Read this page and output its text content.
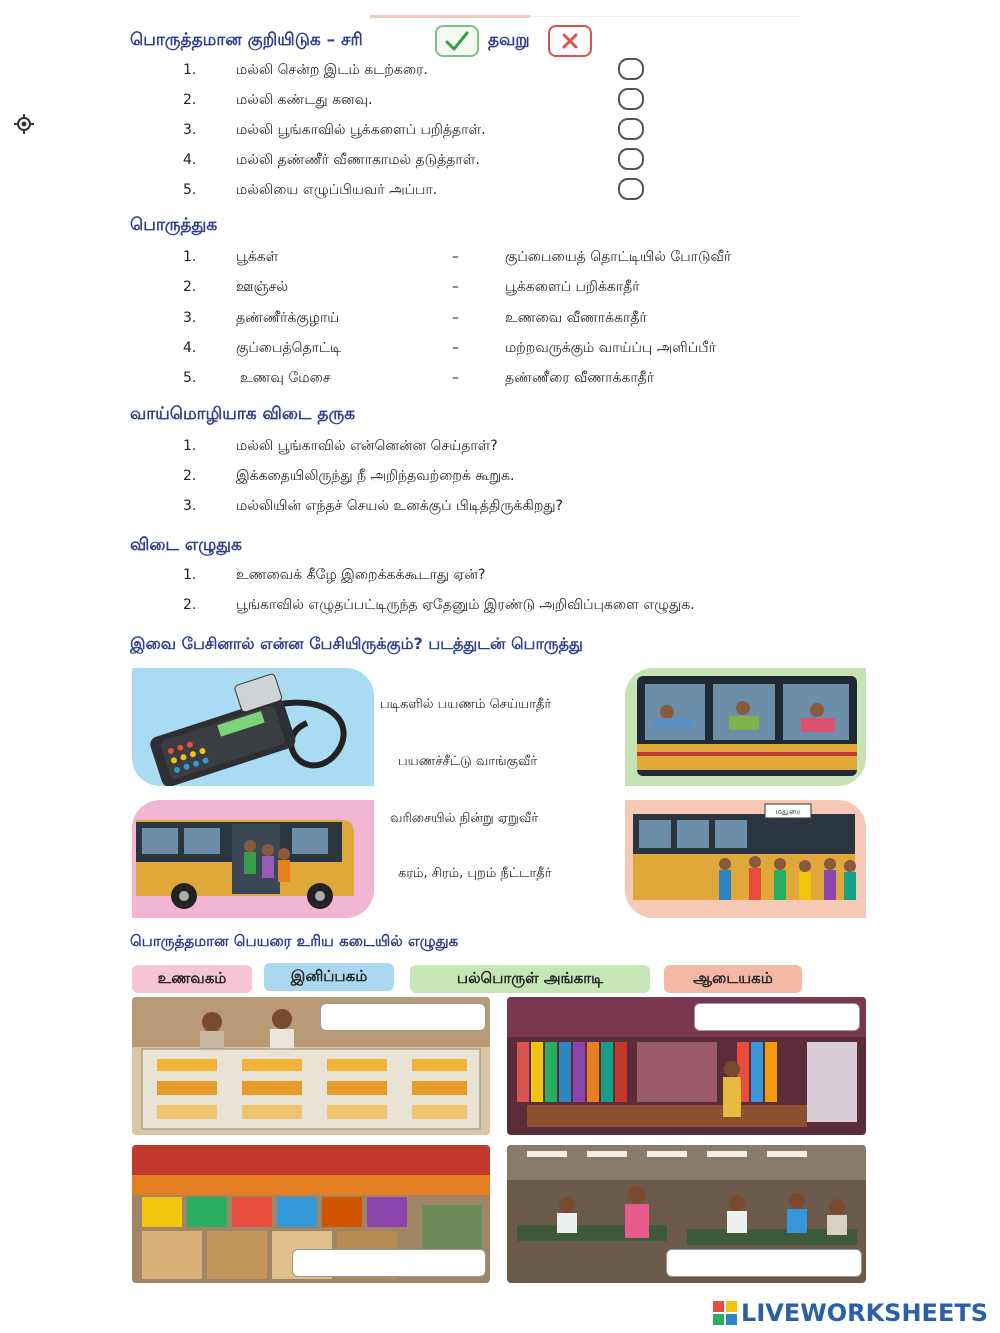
பொருத்தமான குறியிடுக – சரி	தவறு
1.	மல்லி சென்ற இடம் கடற்கரை.
2.	மல்லி கண்டது கனவு.
3.	மல்லி பூங்காவில் பூக்களைப் பறித்தாள்.
4.	மல்லி தண்ணீர் வீணாகாமல் தடுத்தாள்.
5.	மல்லியை எழுப்பியவர் அப்பா.
பொருத்துக
1.	பூக்கள்	–	குப்பையைத் தொட்டியில் போடுவீர்
2.	ஊஞ்சல்	–	பூக்களைப் பறிக்காதீர்
3.	தண்ணீர்க்குழாய்	–	உணவை வீணாக்காதீர்
4.	குப்பைத்தொட்டி	–	மற்றவருக்கும் வாய்ப்பு அளிப்பீர்
5.	உணவு மேசை	–	தண்ணீரை வீணாக்காதீர்
வாய்மொழியாக விடை தருக
1.	மல்லி பூங்காவில் என்னென்ன செய்தாள்?
2.	இக்கதையிலிருந்து நீ அறிந்தவற்றைக் கூறுக.
3.	மல்லியின் எந்தச் செயல் உனக்குப் பிடித்திருக்கிறது?
விடை எழுதுக
1.	உணவைக் கீழே இறைக்கக்கூடாது ஏன்?
2.	பூங்காவில் எழுதப்பட்டிருந்த ஏதேனும் இரண்டு அறிவிப்புகளை எழுதுக.
இவை பேசினால் என்ன பேசியிருக்கும்? படத்துடன் பொருத்து
படிகளில் பயணம் செய்யாதீர்
பயணச்சீட்டு வாங்குவீர்
வரிசையில் நின்று ஏறுவீர்
கரம், சிரம், புறம் நீட்டாதீர்
மதுரை
பொருத்தமான பெயரை உரிய கடையில் எழுதுக
உணவகம்	இனிப்பகம்	பல்பொருள் அங்காடி	ஆடையகம்
LIVEWORKSHEETS
